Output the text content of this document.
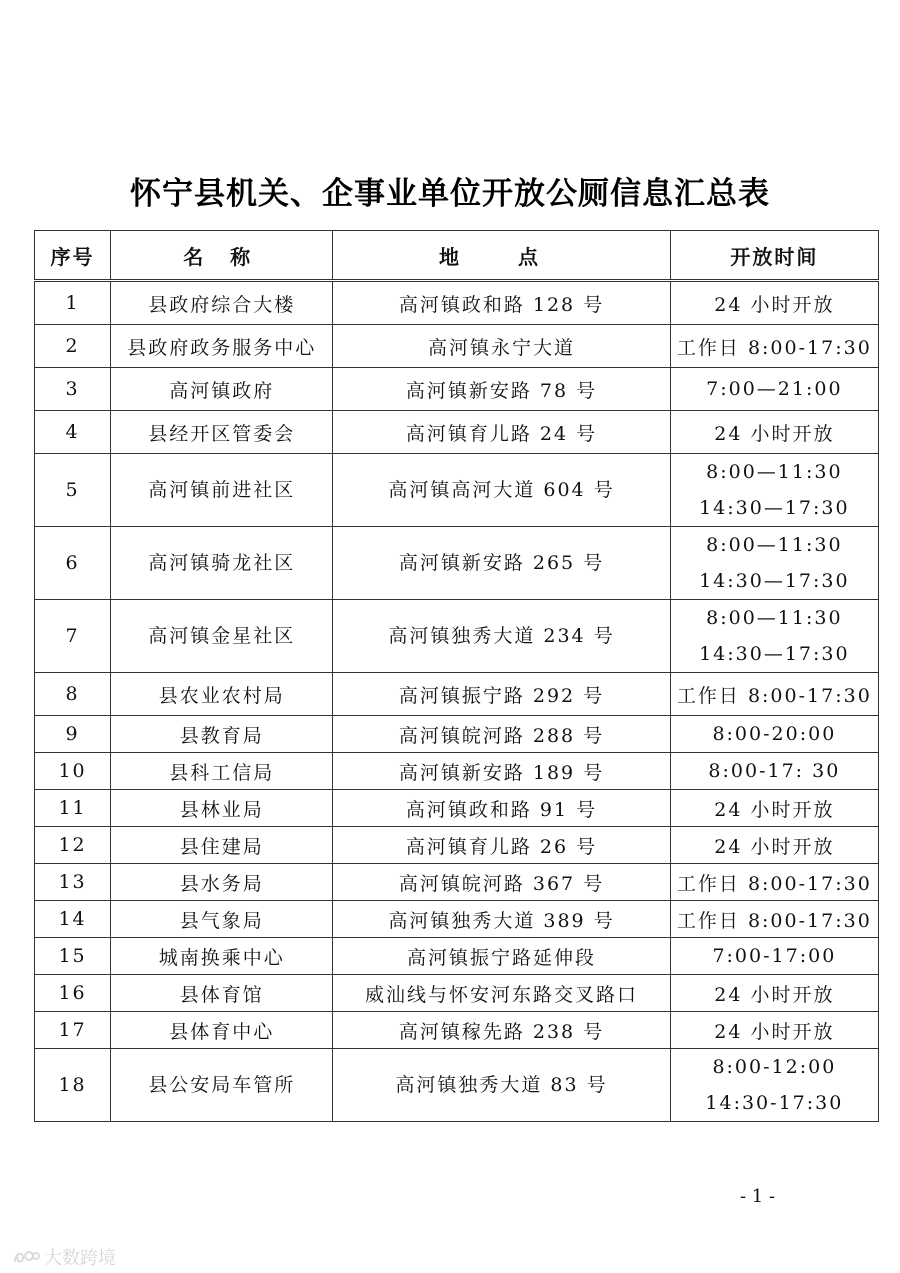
怀宁县机关、企事业单位开放公厕信息汇总表
序号	名 称	地 点	开放时间
1	县政府综合大楼	高河镇政和路 128 号	24 小时开放

2	县政府政务服务中心	高河镇永宁大道	工作日 8:00-17:30

3	高河镇政府	高河镇新安路 78 号	7:00—21:00

4	县经开区管委会	高河镇育儿路 24 号	24 小时开放

5	高河镇前进社区	高河镇高河大道 604 号	8:00—11:30
14:30—17:30

6	高河镇骑龙社区	高河镇新安路 265 号	8:00—11:30
14:30—17:30

7	高河镇金星社区	高河镇独秀大道 234 号	8:00—11:30
14:30—17:30

8	县农业农村局	高河镇振宁路 292 号	工作日 8:00-17:30

9	县教育局	高河镇皖河路 288 号	8:00-20:00

10	县科工信局	高河镇新安路 189 号	8:00-17: 30

11	县林业局	高河镇政和路 91 号	24 小时开放

12	县住建局	高河镇育儿路 26 号	24 小时开放

13	县水务局	高河镇皖河路 367 号	工作日 8:00-17:30

14	县气象局	高河镇独秀大道 389 号	工作日 8:00-17:30

15	城南换乘中心	高河镇振宁路延伸段	7:00-17:00

16	县体育馆	威汕线与怀安河东路交叉路口	24 小时开放

17	县体育中心	高河镇稼先路 238 号	24 小时开放

18	县公安局车管所	高河镇独秀大道 83 号	8:00-12:00
14:30-17:30
- 1 -
大数跨境
